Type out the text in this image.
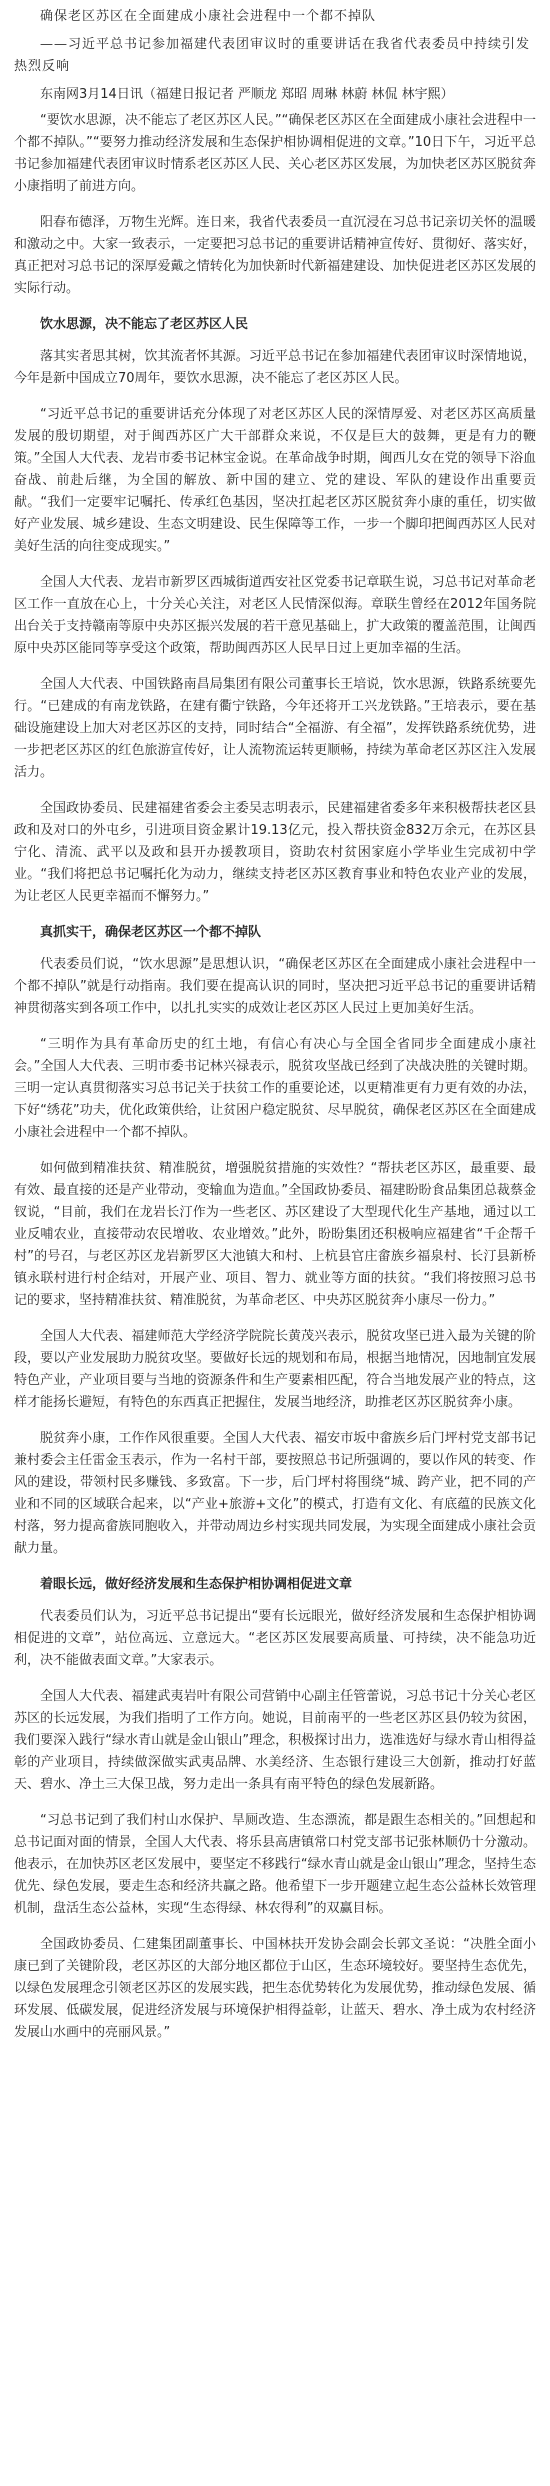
确保老区苏区在全面建成小康社会进程中一个都不掉队

——习近平总书记参加福建代表团审议时的重要讲话在我省代表委员中持续引发热烈反响

东南网3月14日讯（福建日报记者 严顺龙 郑昭 周琳 林蔚 林侃 林宇熙）

“要饮水思源，决不能忘了老区苏区人民。”“确保老区苏区在全面建成小康社会进程中一个都不掉队。”“要努力推动经济发展和生态保护相协调相促进的文章。”10日下午，习近平总书记参加福建代表团审议时情系老区苏区人民、关心老区苏区发展，为加快老区苏区脱贫奔小康指明了前进方向。

阳春布德泽，万物生光辉。连日来，我省代表委员一直沉浸在习总书记亲切关怀的温暖和激动之中。大家一致表示，一定要把习总书记的重要讲话精神宣传好、贯彻好、落实好，真正把对习总书记的深厚爱戴之情转化为加快新时代新福建建设、加快促进老区苏区发展的实际行动。

饮水思源，决不能忘了老区苏区人民

落其实者思其树，饮其流者怀其源。习近平总书记在参加福建代表团审议时深情地说，今年是新中国成立70周年，要饮水思源，决不能忘了老区苏区人民。

“习近平总书记的重要讲话充分体现了对老区苏区人民的深情厚爱、对老区苏区高质量发展的殷切期望，对于闽西苏区广大干部群众来说，不仅是巨大的鼓舞，更是有力的鞭策。”全国人大代表、龙岩市委书记林宝金说。在革命战争时期，闽西儿女在党的领导下浴血奋战、前赴后继，为全国的解放、新中国的建立、党的建设、军队的建设作出重要贡献。“我们一定要牢记嘱托、传承红色基因，坚决扛起老区苏区脱贫奔小康的重任，切实做好产业发展、城乡建设、生态文明建设、民生保障等工作，一步一个脚印把闽西苏区人民对美好生活的向往变成现实。”

全国人大代表、龙岩市新罗区西城街道西安社区党委书记章联生说，习总书记对革命老区工作一直放在心上，十分关心关注，对老区人民情深似海。章联生曾经在2012年国务院出台关于支持赣南等原中央苏区振兴发展的若干意见基础上，扩大政策的覆盖范围，让闽西原中央苏区能同等享受这个政策，帮助闽西苏区人民早日过上更加幸福的生活。

全国人大代表、中国铁路南昌局集团有限公司董事长王培说，饮水思源，铁路系统要先行。“已建成的有南龙铁路，在建有衢宁铁路，今年还将开工兴龙铁路。”王培表示，要在基础设施建设上加大对老区苏区的支持，同时结合“全福游、有全福”，发挥铁路系统优势，进一步把老区苏区的红色旅游宣传好，让人流物流运转更顺畅，持续为革命老区苏区注入发展活力。

全国政协委员、民建福建省委会主委吴志明表示，民建福建省委多年来积极帮扶老区县政和及对口的外屯乡，引进项目资金累计19.13亿元，投入帮扶资金832万余元，在苏区县宁化、清流、武平以及政和县开办援教项目，资助农村贫困家庭小学毕业生完成初中学业。“我们将把总书记嘱托化为动力，继续支持老区苏区教育事业和特色农业产业的发展，为让老区人民更幸福而不懈努力。”

真抓实干，确保老区苏区一个都不掉队

代表委员们说，“饮水思源”是思想认识，“确保老区苏区在全面建成小康社会进程中一个都不掉队”就是行动指南。我们要在提高认识的同时，坚决把习近平总书记的重要讲话精神贯彻落实到各项工作中，以扎扎实实的成效让老区苏区人民过上更加美好生活。

“三明作为具有革命历史的红土地，有信心有决心与全国全省同步全面建成小康社会。”全国人大代表、三明市委书记林兴禄表示，脱贫攻坚战已经到了决战决胜的关键时期。三明一定认真贯彻落实习总书记关于扶贫工作的重要论述，以更精准更有力更有效的办法，下好“绣花”功夫，优化政策供给，让贫困户稳定脱贫、尽早脱贫，确保老区苏区在全面建成小康社会进程中一个都不掉队。

如何做到精准扶贫、精准脱贫，增强脱贫措施的实效性？“帮扶老区苏区，最重要、最有效、最直接的还是产业带动，变输血为造血。”全国政协委员、福建盼盼食品集团总裁蔡金钗说，“目前，我们在龙岩长汀作为一些老区、苏区建设了大型现代化生产基地，通过以工业反哺农业，直接带动农民增收、农业增效。”此外，盼盼集团还积极响应福建省“千企帮千村”的号召，与老区苏区龙岩新罗区大池镇大和村、上杭县官庄畲族乡福泉村、长汀县新桥镇永联村进行村企结对，开展产业、项目、智力、就业等方面的扶贫。“我们将按照习总书记的要求，坚持精准扶贫、精准脱贫，为革命老区、中央苏区脱贫奔小康尽一份力。”

全国人大代表、福建师范大学经济学院院长黄茂兴表示，脱贫攻坚已进入最为关键的阶段，要以产业发展助力脱贫攻坚。要做好长远的规划和布局，根据当地情况，因地制宜发展特色产业，产业项目要与当地的资源条件和生产要素相匹配，符合当地发展产业的特点，这样才能扬长避短，有特色的东西真正把握住，发展当地经济，助推老区苏区脱贫奔小康。

脱贫奔小康，工作作风很重要。全国人大代表、福安市坂中畲族乡后门坪村党支部书记兼村委会主任雷金玉表示，作为一名村干部，要按照总书记所强调的，要以作风的转变、作风的建设，带领村民多赚钱、多致富。下一步，后门坪村将围绕“城、跨产业，把不同的产业和不同的区域联合起来，以“产业+旅游+文化”的模式，打造有文化、有底蕴的民族文化村落，努力提高畲族同胞收入，并带动周边乡村实现共同发展，为实现全面建成小康社会贡献力量。

着眼长远，做好经济发展和生态保护相协调相促进文章

代表委员们认为，习近平总书记提出“要有长远眼光，做好经济发展和生态保护相协调相促进的文章”，站位高远、立意远大。“老区苏区发展要高质量、可持续，决不能急功近利，决不能做表面文章。”大家表示。

全国人大代表、福建武夷岩叶有限公司营销中心副主任管蕾说，习总书记十分关心老区苏区的长远发展，为我们指明了工作方向。她说，目前南平的一些老区苏区县仍较为贫困，我们要深入践行“绿水青山就是金山银山”理念，积极探讨出力，选准选好与绿水青山相得益彰的产业项目，持续做深做实武夷品牌、水美经济、生态银行建设三大创新，推动打好蓝天、碧水、净土三大保卫战，努力走出一条具有南平特色的绿色发展新路。

“习总书记到了我们村山水保护、旱厕改造、生态漂流，都是跟生态相关的。”回想起和总书记面对面的情景，全国人大代表、将乐县高唐镇常口村党支部书记张林顺仍十分激动。他表示，在加快苏区老区发展中，要坚定不移践行“绿水青山就是金山银山”理念，坚持生态优先、绿色发展，要走生态和经济共赢之路。他希望下一步开题建立起生态公益林长效管理机制，盘活生态公益林，实现“生态得绿、林农得利”的双赢目标。

全国政协委员、仁建集团副董事长、中国林扶开发协会副会长郭文圣说：“决胜全面小康已到了关键阶段，老区苏区的大部分地区都位于山区，生态环境较好。要坚持生态优先，以绿色发展理念引领老区苏区的发展实践，把生态优势转化为发展优势，推动绿色发展、循环发展、低碳发展，促进经济发展与环境保护相得益彰，让蓝天、碧水、净土成为农村经济发展山水画中的亮丽风景。”
